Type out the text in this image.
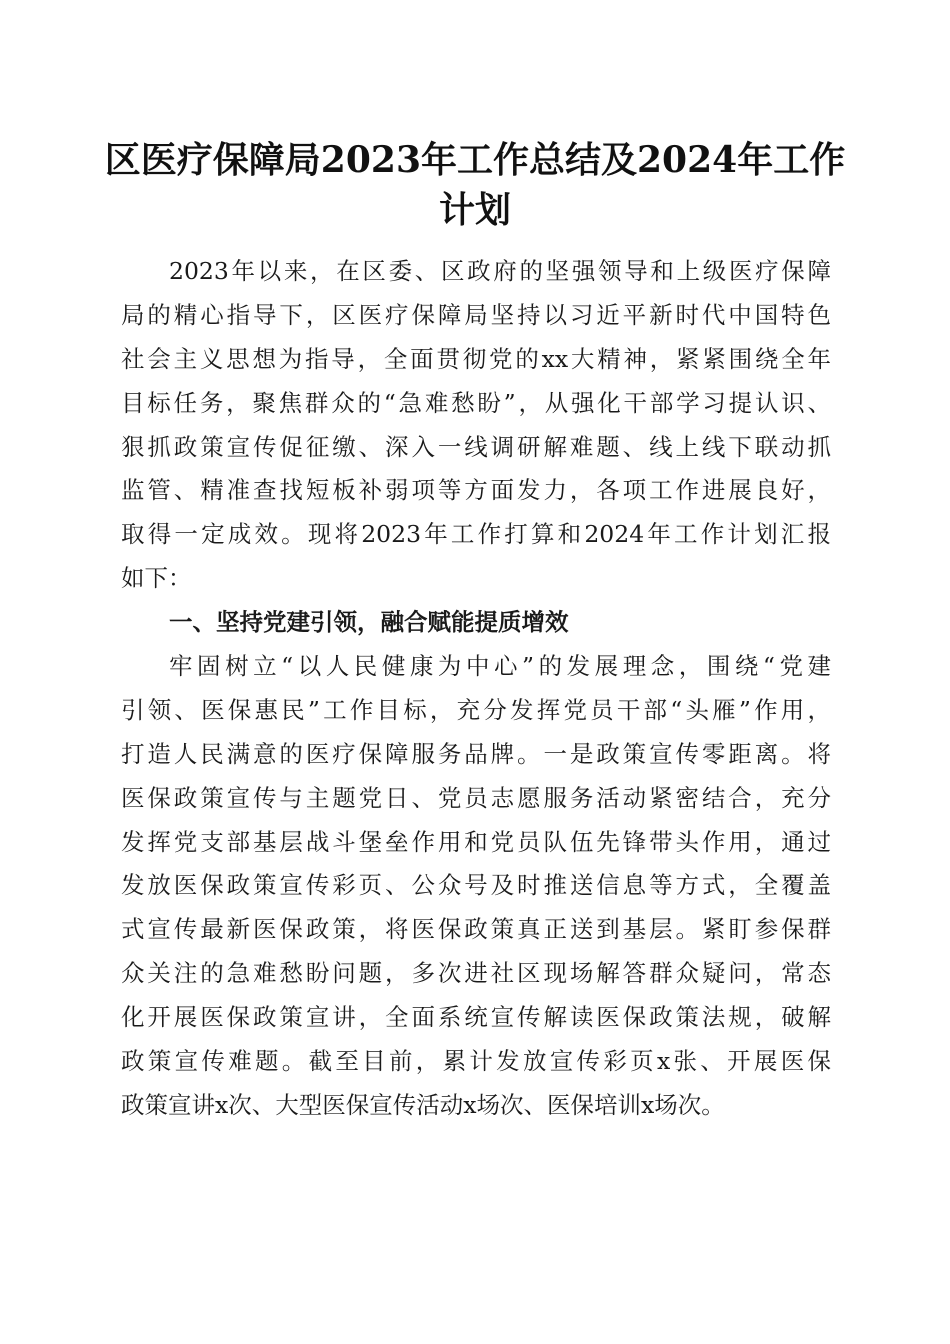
区医疗保障局2023年工作总结及2024年工作
计划
2023年以来，在区委、区政府的坚强领导和上级医疗保障
局的精心指导下，区医疗保障局坚持以习近平新时代中国特色
社会主义思想为指导，全面贯彻党的xx大精神，紧紧围绕全年
目标任务，聚焦群众的“急难愁盼”，从强化干部学习提认识、
狠抓政策宣传促征缴、深入一线调研解难题、线上线下联动抓
监管、精准查找短板补弱项等方面发力，各项工作进展良好，
取得一定成效。现将2023年工作打算和2024年工作计划汇报
如下：
一、坚持党建引领，融合赋能提质增效
牢固树立“以人民健康为中心”的发展理念，围绕“党建
引领、医保惠民”工作目标，充分发挥党员干部“头雁”作用，
打造人民满意的医疗保障服务品牌。一是政策宣传零距离。将
医保政策宣传与主题党日、党员志愿服务活动紧密结合，充分
发挥党支部基层战斗堡垒作用和党员队伍先锋带头作用，通过
发放医保政策宣传彩页、公众号及时推送信息等方式，全覆盖
式宣传最新医保政策，将医保政策真正送到基层。紧盯参保群
众关注的急难愁盼问题，多次进社区现场解答群众疑问，常态
化开展医保政策宣讲，全面系统宣传解读医保政策法规，破解
政策宣传难题。截至目前，累计发放宣传彩页x张、开展医保
政策宣讲x次、大型医保宣传活动x场次、医保培训x场次。
